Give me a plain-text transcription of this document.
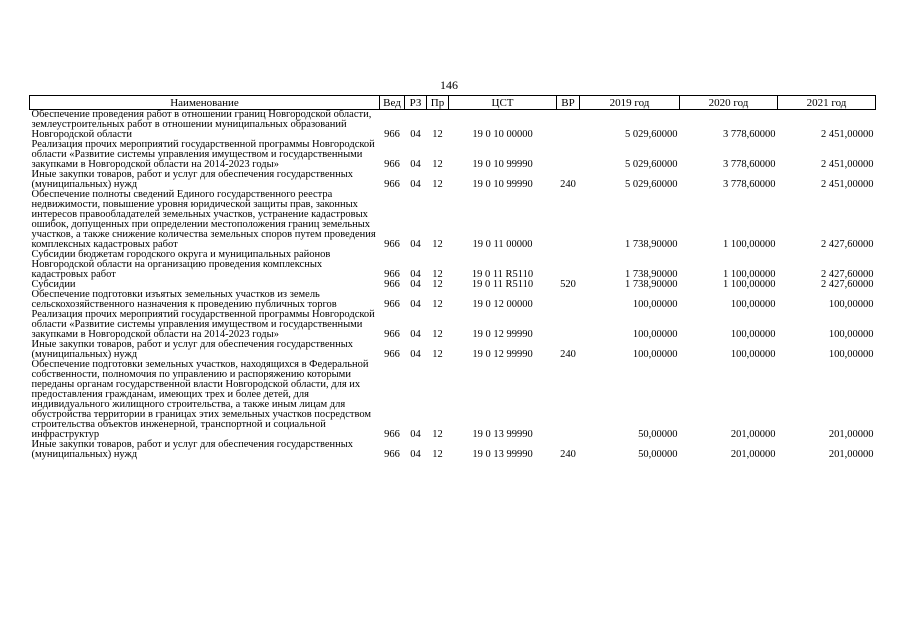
146
Наименование	Вед	РЗ	Пр	ЦСТ	ВР	2019 год	2020 год	2021 год
Обеспечение проведения работ в отношении границ Новгородской области, землеустроительных работ в отношении муниципальных образований Новгородской области	966	04	12	19 0 10 00000		5 029,60000	3 778,60000	2 451,00000
Реализация прочих мероприятий государственной программы Новгородской области «Развитие системы управления имуществом и государственными закупками в Новгородской области на 2014-2023 годы»	966	04	12	19 0 10 99990		5 029,60000	3 778,60000	2 451,00000
Иные закупки товаров, работ и услуг для обеспечения государственных (муниципальных) нужд	966	04	12	19 0 10 99990	240	5 029,60000	3 778,60000	2 451,00000
Обеспечение полноты сведений Единого государственного реестра недвижимости, повышение уровня юридической защиты прав, законных интересов правообладателей земельных участков, устранение кадастровых ошибок, допущенных при определении местоположения границ земельных участков, а также снижение количества земельных споров путем проведения комплексных кадастровых работ	966	04	12	19 0 11 00000		1 738,90000	1 100,00000	2 427,60000
Субсидии бюджетам городского округа и муниципальных районов Новгородской области на организацию проведения комплексных кадастровых работ	966	04	12	19 0 11 R5110		1 738,90000	1 100,00000	2 427,60000
Субсидии	966	04	12	19 0 11 R5110	520	1 738,90000	1 100,00000	2 427,60000
Обеспечение подготовки изъятых земельных участков из земель сельскохозяйственного назначения к проведению публичных торгов	966	04	12	19 0 12 00000		100,00000	100,00000	100,00000
Реализация прочих мероприятий государственной программы Новгородской области «Развитие системы управления имуществом и государственными закупками в Новгородской области на 2014-2023 годы»	966	04	12	19 0 12 99990		100,00000	100,00000	100,00000
Иные закупки товаров, работ и услуг для обеспечения государственных (муниципальных) нужд	966	04	12	19 0 12 99990	240	100,00000	100,00000	100,00000
Обеспечение подготовки земельных участков, находящихся в Федеральной собственности, полномочия по управлению и распоряжению которыми переданы органам государственной власти Новгородской области, для их предоставления гражданам, имеющих трех и более детей, для индивидуального жилищного строительства, а также иным лицам для обустройства территории в границах этих земельных участков посредством строительства объектов инженерной, транспортной и социальной инфраструктур	966	04	12	19 0 13 99990		50,00000	201,00000	201,00000
Иные закупки товаров, работ и услуг для обеспечения государственных (муниципальных) нужд	966	04	12	19 0 13 99990	240	50,00000	201,00000	201,00000
